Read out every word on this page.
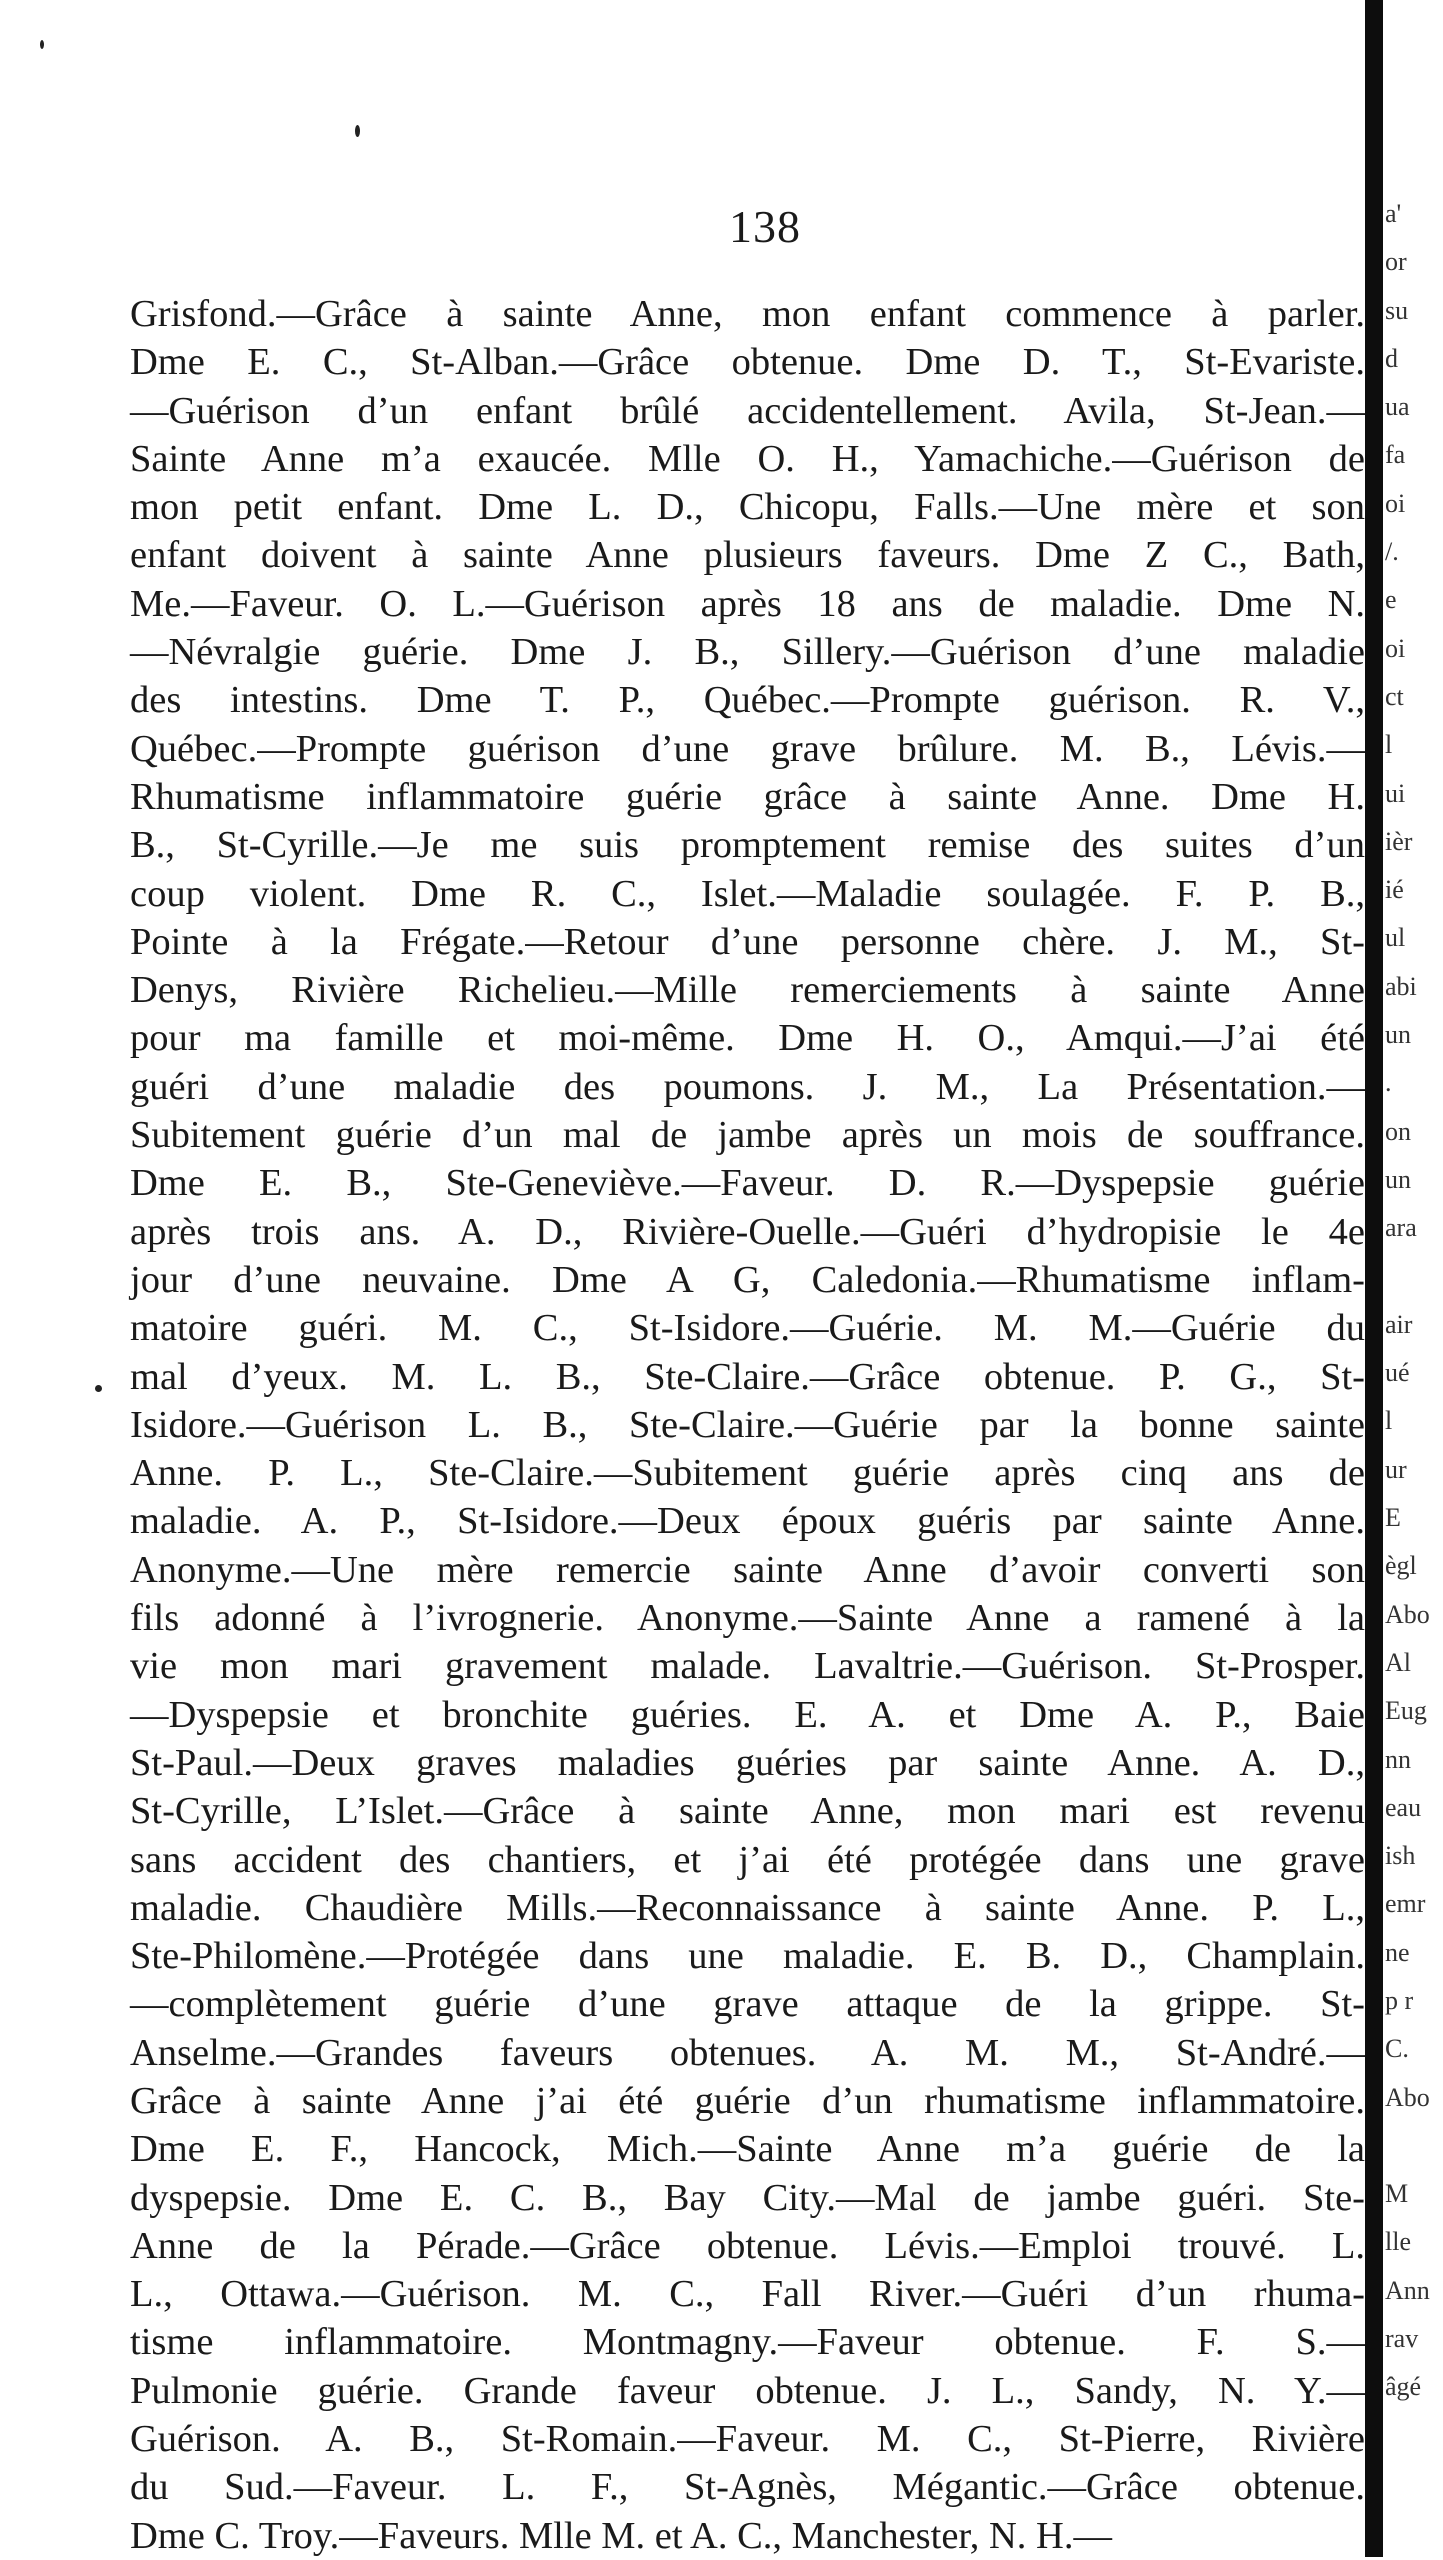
138
Grisfond.—Grâce à sainte Anne, mon enfant commence à parler.
Dme E. C., St-Alban.—Grâce obtenue. Dme D. T., St-Evariste.
—Guérison d’un enfant brûlé accidentellement. Avila, St-Jean.—
Sainte Anne m’a exaucée. Mlle O. H., Yamachiche.—Guérison de
mon petit enfant. Dme L. D., Chicopu, Falls.—Une mère et son
enfant doivent à sainte Anne plusieurs faveurs. Dme Z C., Bath,
Me.—Faveur. O. L.—Guérison après 18 ans de maladie. Dme N.
—Névralgie guérie. Dme J. B., Sillery.—Guérison d’une maladie
des intestins. Dme T. P., Québec.—Prompte guérison. R. V.,
Québec.—Prompte guérison d’une grave brûlure. M. B., Lévis.—
Rhumatisme inflammatoire guérie grâce à sainte Anne. Dme H.
B., St-Cyrille.—Je me suis promptement remise des suites d’un
coup violent. Dme R. C., Islet.—Maladie soulagée. F. P. B.,
Pointe à la Frégate.—Retour d’une personne chère. J. M., St-
Denys, Rivière Richelieu.—Mille remerciements à sainte Anne
pour ma famille et moi-même. Dme H. O., Amqui.—J’ai été
guéri d’une maladie des poumons. J. M., La Présentation.—
Subitement guérie d’un mal de jambe après un mois de souffrance.
Dme E. B., Ste-Geneviève.—Faveur. D. R.—Dyspepsie guérie
après trois ans. A. D., Rivière-Ouelle.—Guéri d’hydropisie le 4e
jour d’une neuvaine. Dme A G, Caledonia.—Rhumatisme inflam-
matoire guéri. M. C., St-Isidore.—Guérie. M. M.—Guérie du
mal d’yeux. M. L. B., Ste-Claire.—Grâce obtenue. P. G., St-
Isidore.—Guérison L. B., Ste-Claire.—Guérie par la bonne sainte
Anne. P. L., Ste-Claire.—Subitement guérie après cinq ans de
maladie. A. P., St-Isidore.—Deux époux guéris par sainte Anne.
Anonyme.—Une mère remercie sainte Anne d’avoir converti son
fils adonné à l’ivrognerie. Anonyme.—Sainte Anne a ramené à la
vie mon mari gravement malade. Lavaltrie.—Guérison. St-Prosper.
—Dyspepsie et bronchite guéries. E. A. et Dme A. P., Baie
St-Paul.—Deux graves maladies guéries par sainte Anne. A. D.,
St-Cyrille, L’Islet.—Grâce à sainte Anne, mon mari est revenu
sans accident des chantiers, et j’ai été protégée dans une grave
maladie. Chaudière Mills.—Reconnaissance à sainte Anne. P. L.,
Ste-Philomène.—Protégée dans une maladie. E. B. D., Champlain.
—complètement guérie d’une grave attaque de la grippe. St-
Anselme.—Grandes faveurs obtenues. A. M. M., St-André.—
Grâce à sainte Anne j’ai été guérie d’un rhumatisme inflammatoire.
Dme E. F., Hancock, Mich.—Sainte Anne m’a guérie de la
dyspepsie. Dme E. C. B., Bay City.—Mal de jambe guéri. Ste-
Anne de la Pérade.—Grâce obtenue. Lévis.—Emploi trouvé. L.
L., Ottawa.—Guérison. M. C., Fall River.—Guéri d’un rhuma-
tisme inflammatoire. Montmagny.—Faveur obtenue. F. S.—
Pulmonie guérie. Grande faveur obtenue. J. L., Sandy, N. Y.—
Guérison. A. B., St-Romain.—Faveur. M. C., St-Pierre, Rivière
du Sud.—Faveur. L. F., St-Agnès, Mégantic.—Grâce obtenue.
Dme C. Troy.—Faveurs. Mlle M. et A. C., Manchester, N. H.—
a'
or
su
d
ua
fa
oi
/.
e
oi
ct
l
ui
ièr
ié
ul
abi
un
.
on
un
ara
air
ué
l
ur
E
ègl
Abo
Al
Eug
nn
eau
ish
emr
ne
p r
C.
Abo
M
lle
Ann
rav
âgé
